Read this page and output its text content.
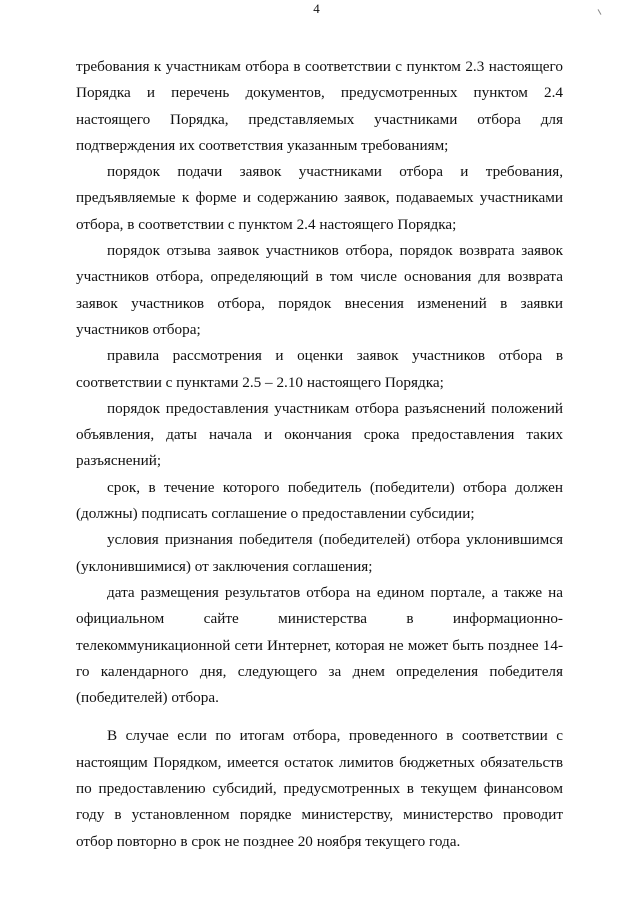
4

требования к участникам отбора в соответствии с пунктом 2.3 настоящего Порядка и перечень документов, предусмотренных пунктом 2.4 настоящего Порядка, представляемых участниками отбора для подтверждения их соответствия указанным требованиям;

порядок подачи заявок участниками отбора и требования, предъявляемые к форме и содержанию заявок, подаваемых участниками отбора, в соответствии с пунктом 2.4 настоящего Порядка;

порядок отзыва заявок участников отбора, порядок возврата заявок участников отбора, определяющий в том числе основания для возврата заявок участников отбора, порядок внесения изменений в заявки участников отбора;

правила рассмотрения и оценки заявок участников отбора в соответствии с пунктами 2.5 – 2.10 настоящего Порядка;

порядок предоставления участникам отбора разъяснений положений объявления, даты начала и окончания срока предоставления таких разъяснений;

срок, в течение которого победитель (победители) отбора должен (должны) подписать соглашение о предоставлении субсидии;

условия признания победителя (победителей) отбора уклонившимся (уклонившимися) от заключения соглашения;

дата размещения результатов отбора на едином портале, а также на официальном сайте министерства в информационно-телекоммуникационной сети Интернет, которая не может быть позднее 14-го календарного дня, следующего за днем определения победителя (победителей) отбора.

В случае если по итогам отбора, проведенного в соответствии с настоящим Порядком, имеется остаток лимитов бюджетных обязательств по предоставлению субсидий, предусмотренных в текущем финансовом году в установленном порядке министерству, министерство проводит отбор повторно в срок не позднее 20 ноября текущего года.
